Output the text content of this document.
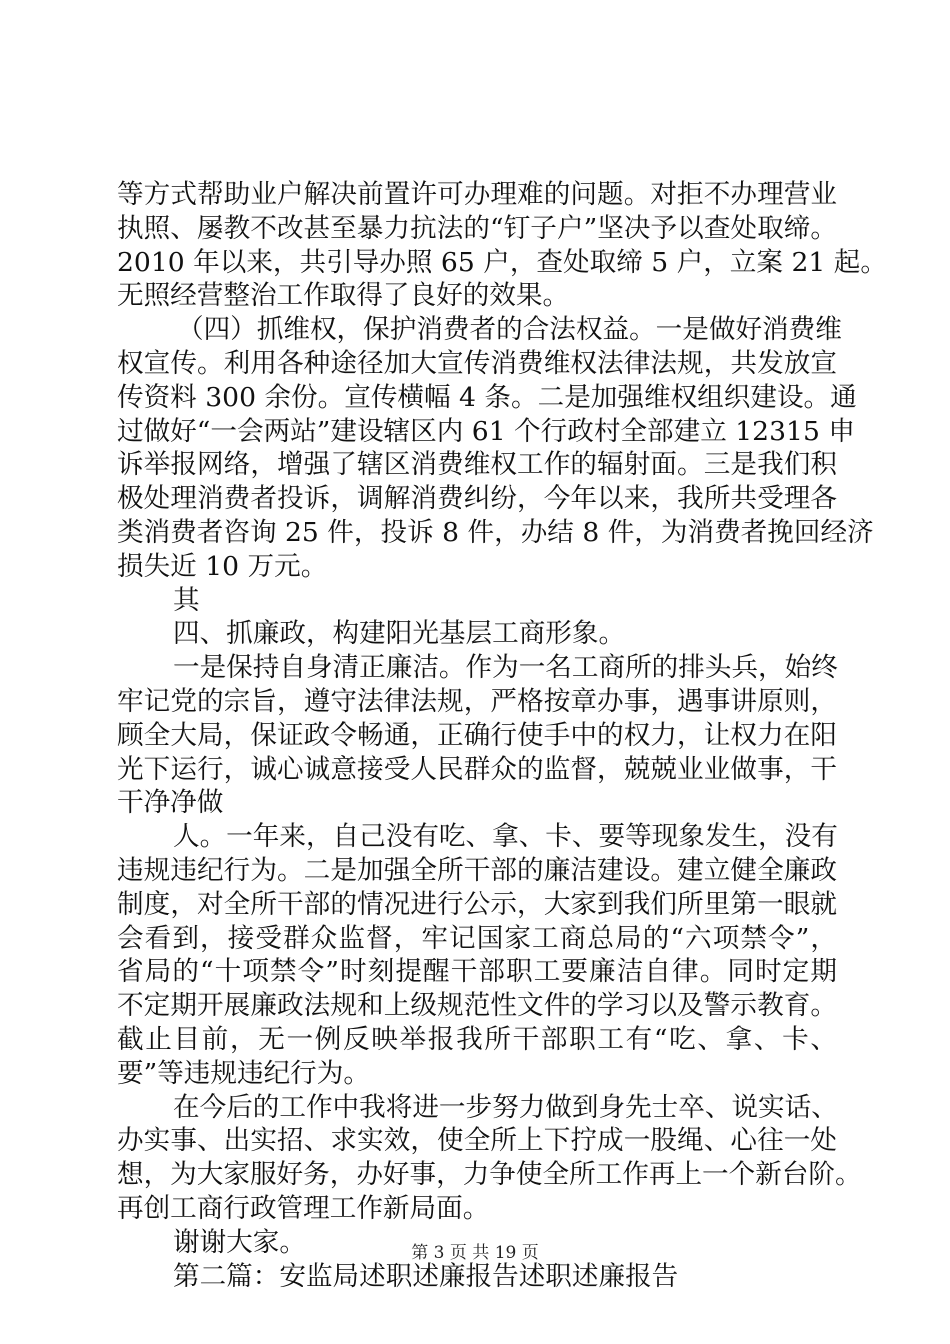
等方式帮助业户解决前置许可办理难的问题。对拒不办理营业
执照、屡教不改甚至暴力抗法的“钉子户”坚决予以查处取缔。
2010 年以来，共引导办照 65 户，查处取缔 5 户，立案 21 起。
无照经营整治工作取得了良好的效果。
（四）抓维权，保护消费者的合法权益。一是做好消费维
权宣传。利用各种途径加大宣传消费维权法律法规，共发放宣
传资料 300 余份。宣传横幅 4 条。二是加强维权组织建设。通
过做好“一会两站”建设辖区内 61 个行政村全部建立 12315 申
诉举报网络，增强了辖区消费维权工作的辐射面。三是我们积
极处理消费者投诉，调解消费纠纷，今年以来，我所共受理各
类消费者咨询 25 件，投诉 8 件，办结 8 件，为消费者挽回经济
损失近 10 万元。
其
四、抓廉政，构建阳光基层工商形象。
一是保持自身清正廉洁。作为一名工商所的排头兵，始终
牢记党的宗旨，遵守法律法规，严格按章办事，遇事讲原则，
顾全大局，保证政令畅通，正确行使手中的权力，让权力在阳
光下运行，诚心诚意接受人民群众的监督，兢兢业业做事，干
干净净做
人。一年来，自己没有吃、拿、卡、要等现象发生，没有
违规违纪行为。二是加强全所干部的廉洁建设。建立健全廉政
制度，对全所干部的情况进行公示，大家到我们所里第一眼就
会看到，接受群众监督，牢记国家工商总局的“六项禁令”，
省局的“十项禁令”时刻提醒干部职工要廉洁自律。同时定期
不定期开展廉政法规和上级规范性文件的学习以及警示教育。
截止目前，无一例反映举报我所干部职工有“吃、拿、卡、
要”等违规违纪行为。
在今后的工作中我将进一步努力做到身先士卒、说实话、
办实事、出实招、求实效，使全所上下拧成一股绳、心往一处
想，为大家服好务，办好事，力争使全所工作再上一个新台阶。
再创工商行政管理工作新局面。
谢谢大家。
第二篇：安监局述职述廉报告述职述廉报告
第 3 页 共 19 页
